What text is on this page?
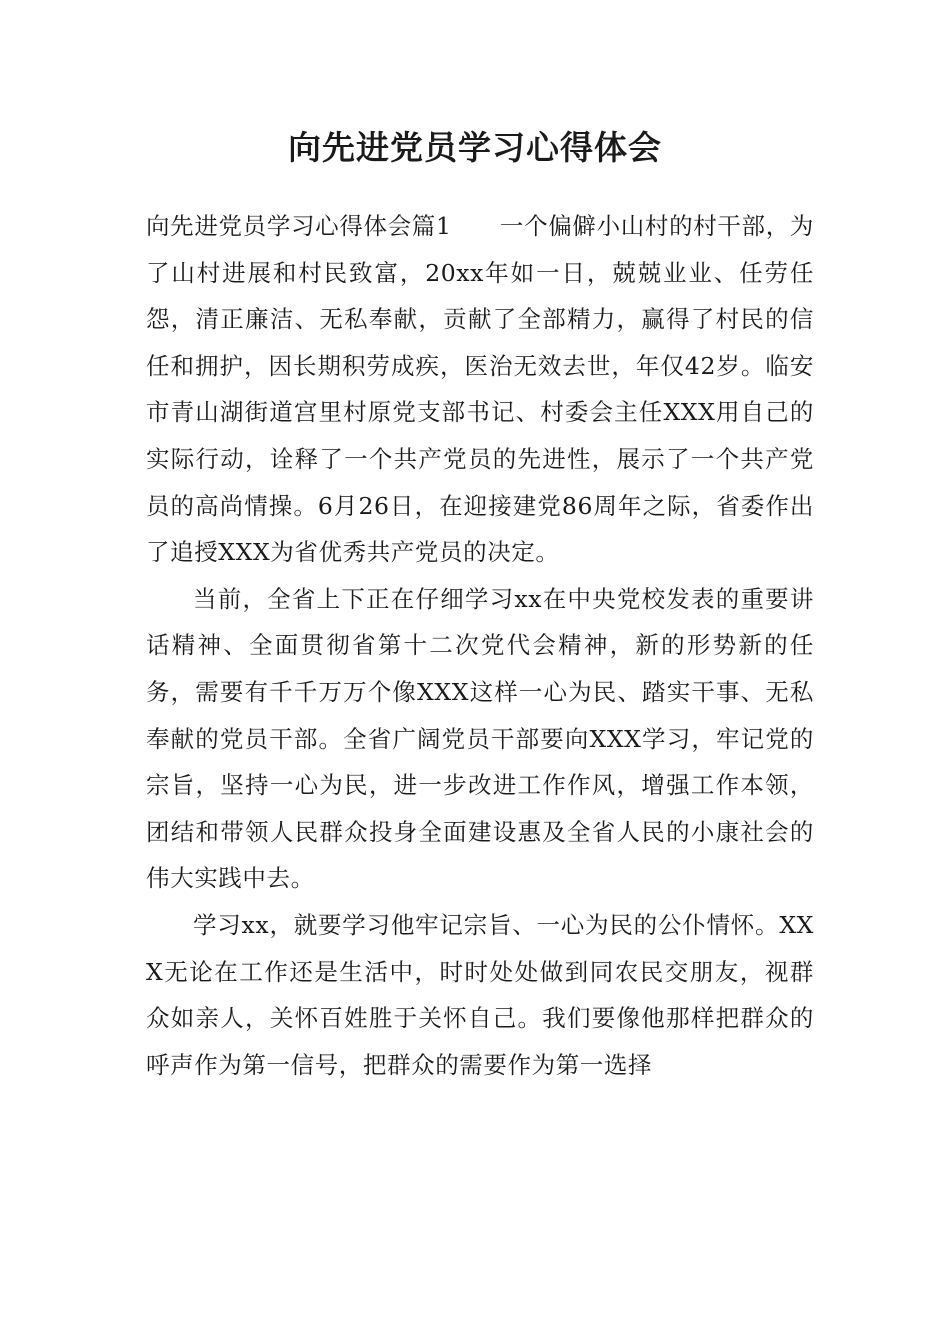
向先进党员学习心得体会

向先进党员学习心得体会篇1　　一个偏僻小山村的村干部，为了山村进展和村民致富，20xx年如一日，兢兢业业、任劳任怨，清正廉洁、无私奉献，贡献了全部精力，赢得了村民的信任和拥护，因长期积劳成疾，医治无效去世，年仅42岁。临安市青山湖街道宫里村原党支部书记、村委会主任XXX用自己的实际行动，诠释了一个共产党员的先进性，展示了一个共产党员的高尚情操。6月26日，在迎接建党86周年之际，省委作出了追授XXX为省优秀共产党员的决定。

当前，全省上下正在仔细学习xx在中央党校发表的重要讲话精神、全面贯彻省第十二次党代会精神，新的形势新的任务，需要有千千万万个像XXX这样一心为民、踏实干事、无私奉献的党员干部。全省广阔党员干部要向XXX学习，牢记党的宗旨，坚持一心为民，进一步改进工作作风，增强工作本领，团结和带领人民群众投身全面建设惠及全省人民的小康社会的伟大实践中去。

学习xx，就要学习他牢记宗旨、一心为民的公仆情怀。XXX无论在工作还是生活中，时时处处做到同农民交朋友，视群众如亲人，关怀百姓胜于关怀自己。我们要像他那样把群众的呼声作为第一信号，把群众的需要作为第一选择
